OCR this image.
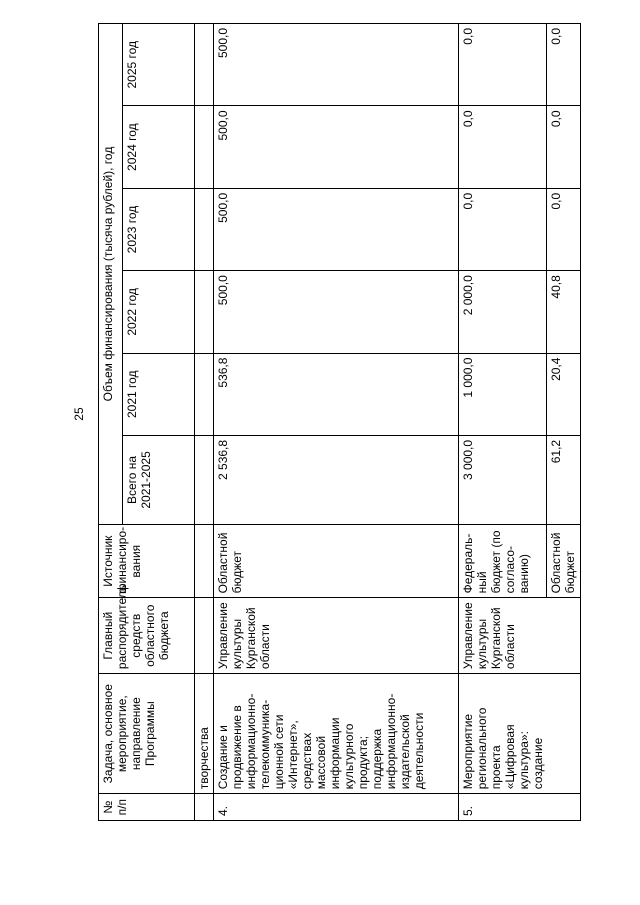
25
№ п/п	Задача, основное мероприятие, направление Программы	Главный распорядитель средств областного бюджета	Источник финансиро-вания	Объем финансирования (тысяча рублей), год					
				Всего на 2021-2025	2021 год	2022 год	2023 год	2024 год	2025 год
	творчества								
4.	Создание и продвижение в информационно-телекоммуника-ционной сети «Интернет», средствах массовой информации культурного продукта; поддержка информационно-издательской деятельности	Управление культуры Курганской области	Областной бюджет	2 536,8	536,8	500,0	500,0	500,0	500,0
5.	Мероприятие регионального проекта «Цифровая культура»: создание	Управление культуры Курганской области	Федераль-ный бюджет (по согласо-ванию)	3 000,0	1 000,0	2 000,0	0,0	0,0	0,0
			Областной бюджет	61,2	20,4	40,8	0,0	0,0	0,0
